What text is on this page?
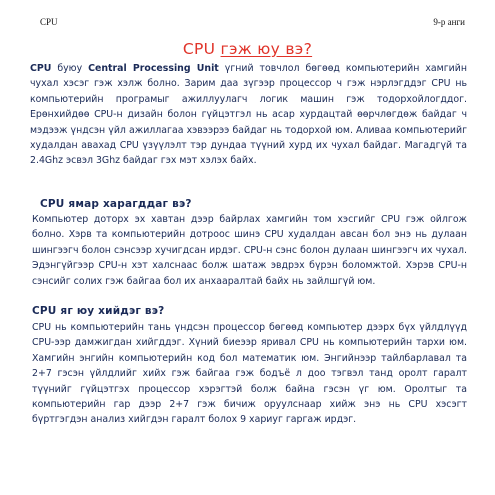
CPU	9-р анги
CPU гэж юу вэ?
CPU буюу Central Processing Unit үгний товчлол бөгөөд компьютерийн хамгийн чухал хэсэг гэж хэлж болно. Зарим даа зүгээр процессор ч гэж нэрлэгддэг CPU нь компьютерийн програмыг ажиллуулагч логик машин гэж тодорхойлогддог. Ерөнхийдөө CPU-н дизайн болон гүйцэтгэл нь асар хурдацтай өөрчлөгдөж байдаг ч мэдээж үндсэн үйл ажиллагаа хэвээрээ байдаг нь тодорхой юм. Аливаа компьютерийг худалдан авахад CPU үзүүлэлт тэр дундаа түүний хурд их чухал байдаг. Магадгүй та 2.4Ghz эсвэл 3Ghz байдаг гэх мэт хэлэх байх.
CPU ямар харагддаг вэ?
Компьютер доторх эх хавтан дээр байрлах хамгийн том хэсгийг CPU гэж ойлгож болно. Хэрв та компьютерийн дотроос шинэ CPU худалдан авсан бол энэ нь дулаан шингээгч болон сэнсээр хучигдсан ирдэг. CPU-н сэнс болон дулаан шингээгч их чухал. Эдэнгүйгээр CPU-н хэт халснаас болж шатаж эвдрэх бүрэн боломжтой. Хэрэв CPU-н сэнсийг солих гэж байгаа бол их анхааралтай байх нь зайлшгүй юм.
CPU яг юу хийдэг вэ?
CPU нь компьютерийн тань үндсэн процессор бөгөөд компьютер дээрх бүх үйлдлүүд CPU-ээр дамжигдан хийгддэг. Хүний биеээр яривал CPU нь компьютерийн тархи юм. Хамгийн энгийн компьютерийн код бол математик юм. Энгийнээр тайлбарлавал та 2+7 гэсэн үйлдлийг хийх гэж байгаа гэж бодъё л доо тэгвэл танд оролт гаралт түүнийг гүйцэтгэх процессор хэрэгтэй болж байна гэсэн үг юм. Оролтыг та компьютерийн гар дээр 2+7 гэж бичиж оруулснаар хийж энэ нь CPU хэсэгт бүртгэгдэн анализ хийгдэн гаралт болох 9 хариуг гаргаж ирдэг.
